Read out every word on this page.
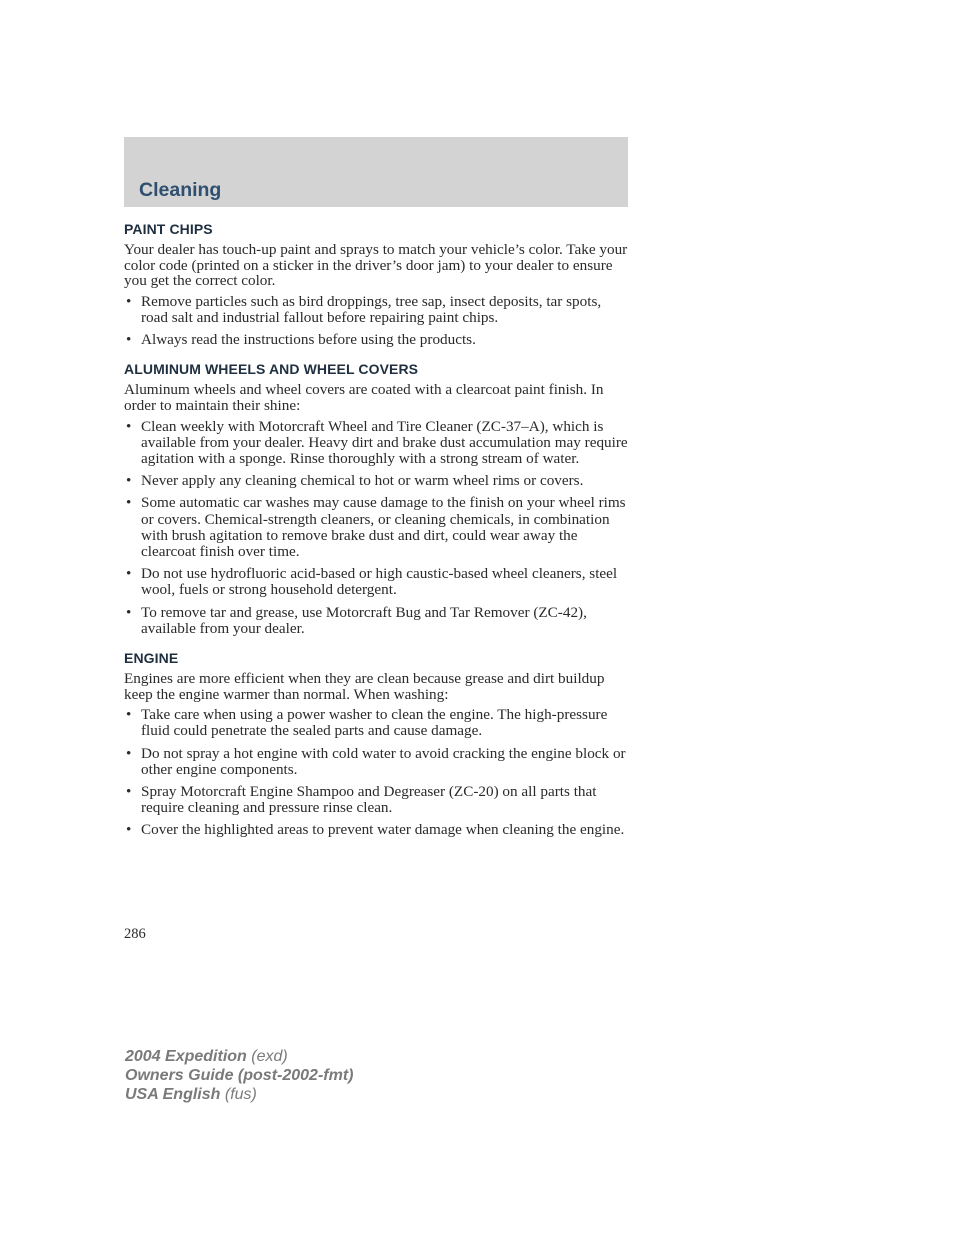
Cleaning
PAINT CHIPS

Your dealer has touch-up paint and sprays to match your vehicle’s color. Take your color code (printed on a sticker in the driver’s door jam) to your dealer to ensure you get the correct color.

• Remove particles such as bird droppings, tree sap, insect deposits, tar spots, road salt and industrial fallout before repairing paint chips.
• Always read the instructions before using the products.
ALUMINUM WHEELS AND WHEEL COVERS

Aluminum wheels and wheel covers are coated with a clearcoat paint finish. In order to maintain their shine:

• Clean weekly with Motorcraft Wheel and Tire Cleaner (ZC-37–A), which is available from your dealer. Heavy dirt and brake dust accumulation may require agitation with a sponge. Rinse thoroughly with a strong stream of water.
• Never apply any cleaning chemical to hot or warm wheel rims or covers.
• Some automatic car washes may cause damage to the finish on your wheel rims or covers. Chemical-strength cleaners, or cleaning chemicals, in combination with brush agitation to remove brake dust and dirt, could wear away the clearcoat finish over time.
• Do not use hydrofluoric acid-based or high caustic-based wheel cleaners, steel wool, fuels or strong household detergent.
• To remove tar and grease, use Motorcraft Bug and Tar Remover (ZC-42), available from your dealer.
ENGINE

Engines are more efficient when they are clean because grease and dirt buildup keep the engine warmer than normal. When washing:

• Take care when using a power washer to clean the engine. The high-pressure fluid could penetrate the sealed parts and cause damage.
• Do not spray a hot engine with cold water to avoid cracking the engine block or other engine components.
• Spray Motorcraft Engine Shampoo and Degreaser (ZC-20) on all parts that require cleaning and pressure rinse clean.
• Cover the highlighted areas to prevent water damage when cleaning the engine.
286
2004 Expedition (exd)
Owners Guide (post-2002-fmt)
USA English (fus)
